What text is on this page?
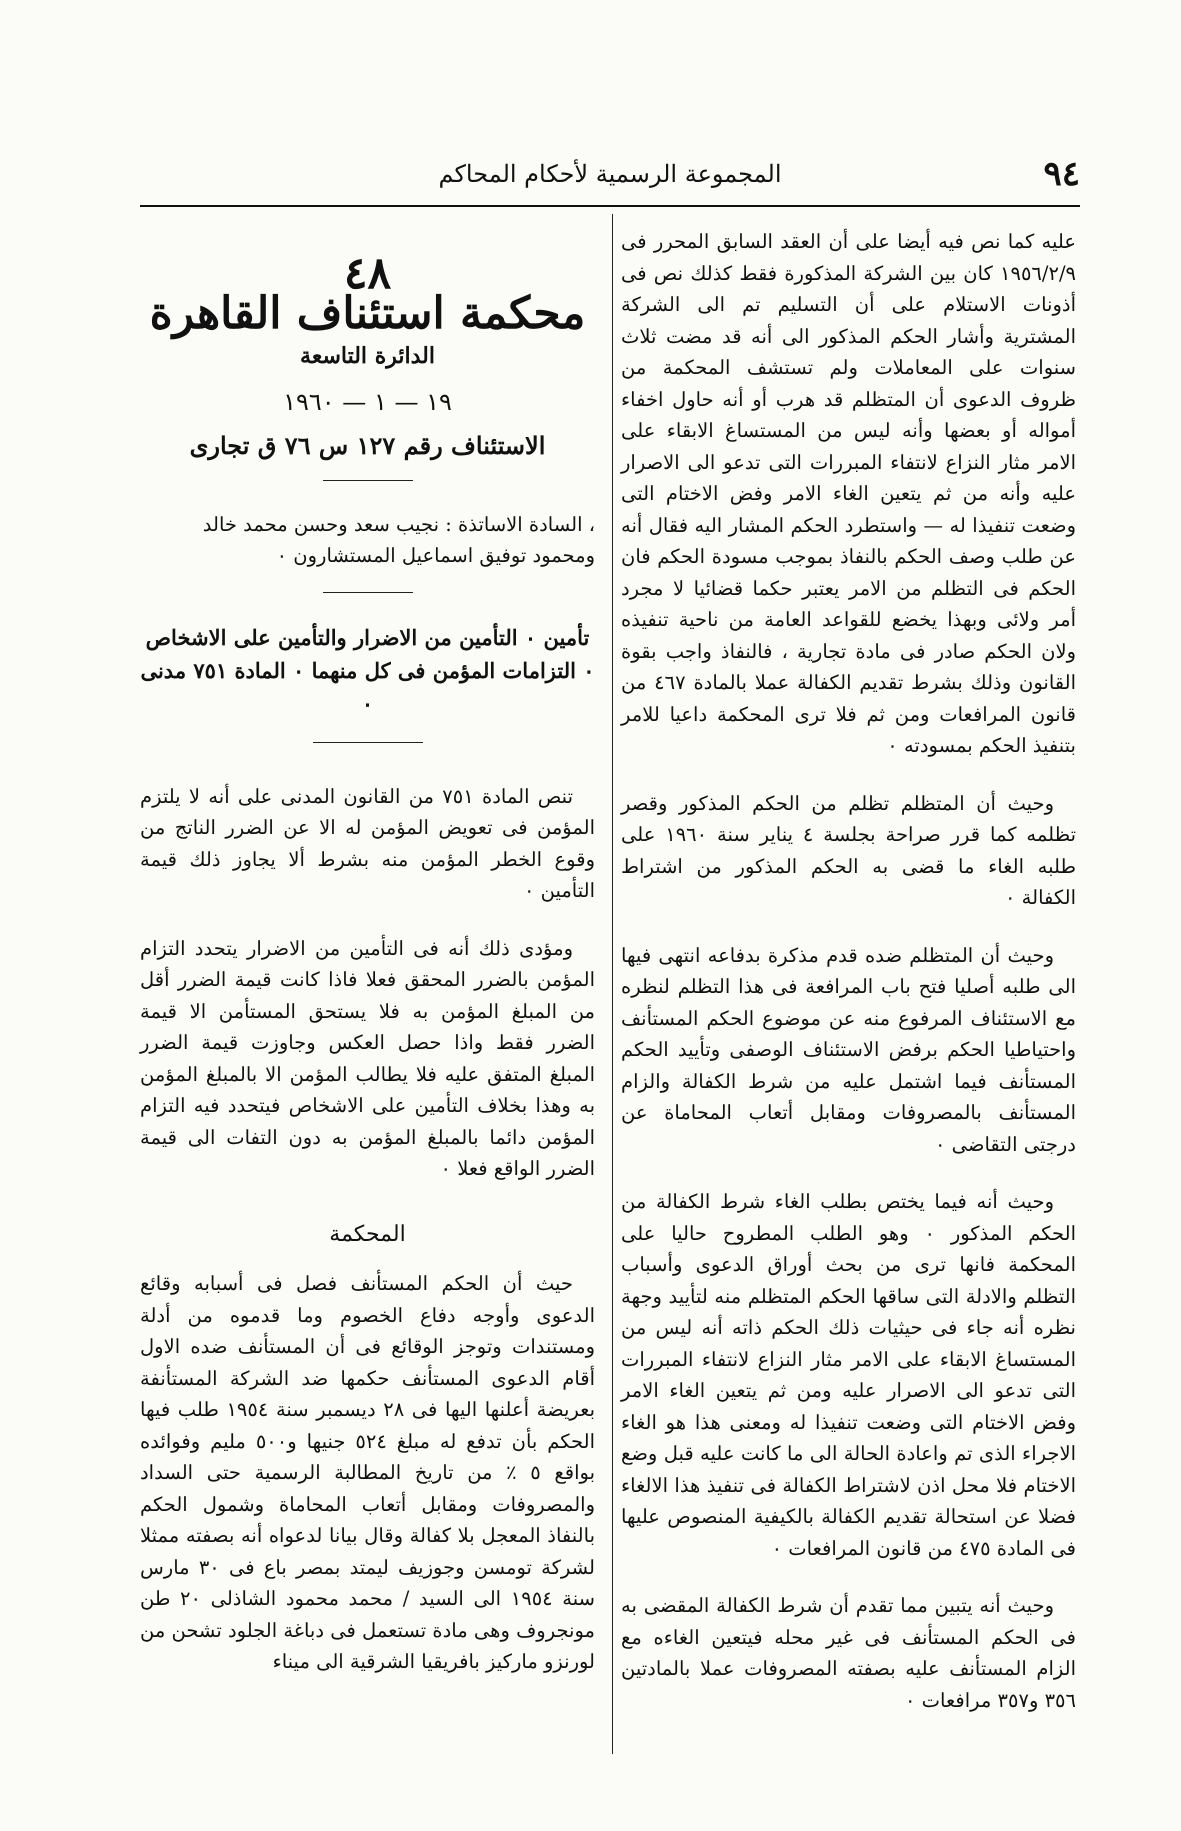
٩٤
المجموعة الرسمية لأحكام المحاكم

عليه كما نص فيه أيضا على أن العقد السابق المحرر فى ١٩٥٦/٢/٩ كان بين الشركة المذكورة فقط كذلك نص فى أذونات الاستلام على أن التسليم تم الى الشركة المشترية وأشار الحكم المذكور الى أنه قد مضت ثلاث سنوات على المعاملات ولم تستشف المحكمة من ظروف الدعوى أن المتظلم قد هرب أو أنه حاول اخفاء أمواله أو بعضها وأنه ليس من المستساغ الابقاء على الامر مثار النزاع لانتفاء المبررات التى تدعو الى الاصرار عليه وأنه من ثم يتعين الغاء الامر وفض الاختام التى وضعت تنفيذا له — واستطرد الحكم المشار اليه فقال أنه عن طلب وصف الحكم بالنفاذ بموجب مسودة الحكم فان الحكم فى التظلم من الامر يعتبر حكما قضائيا لا مجرد أمر ولائى وبهذا يخضع للقواعد العامة من ناحية تنفيذه ولان الحكم صادر فى مادة تجارية ، فالنفاذ واجب بقوة القانون وذلك بشرط تقديم الكفالة عملا بالمادة ٤٦٧ من قانون المرافعات ومن ثم فلا ترى المحكمة داعيا للامر بتنفيذ الحكم بمسودته ٠

وحيث أن المتظلم تظلم من الحكم المذكور وقصر تظلمه كما قرر صراحة بجلسة ٤ يناير سنة ١٩٦٠ على طلبه الغاء ما قضى به الحكم المذكور من اشتراط الكفالة ٠

وحيث أن المتظلم ضده قدم مذكرة بدفاعه انتهى فيها الى طلبه أصليا فتح باب المرافعة فى هذا التظلم لنظره مع الاستئناف المرفوع منه عن موضوع الحكم المستأنف واحتياطيا الحكم برفض الاستئناف الوصفى وتأييد الحكم المستأنف فيما اشتمل عليه من شرط الكفالة والزام المستأنف بالمصروفات ومقابل أتعاب المحاماة عن درجتى التقاضى ٠

وحيث أنه فيما يختص بطلب الغاء شرط الكفالة من الحكم المذكور ٠ وهو الطلب المطروح حاليا على المحكمة فانها ترى من بحث أوراق الدعوى وأسباب التظلم والادلة التى ساقها الحكم المتظلم منه لتأييد وجهة نظره أنه جاء فى حيثيات ذلك الحكم ذاته أنه ليس من المستساغ الابقاء على الامر مثار النزاع لانتفاء المبررات التى تدعو الى الاصرار عليه ومن ثم يتعين الغاء الامر وفض الاختام التى وضعت تنفيذا له ومعنى هذا هو الغاء الاجراء الذى تم واعادة الحالة الى ما كانت عليه قبل وضع الاختام فلا محل اذن لاشتراط الكفالة فى تنفيذ هذا الالغاء فضلا عن استحالة تقديم الكفالة بالكيفية المنصوص عليها فى المادة ٤٧٥ من قانون المرافعات ٠

وحيث أنه يتبين مما تقدم أن شرط الكفالة المقضى به فى الحكم المستأنف فى غير محله فيتعين الغاءه مع الزام المستأنف عليه بصفته المصروفات عملا بالمادتين ٣٥٦ و٣٥٧ مرافعات ٠

٤٨
محكمة استئناف القاهرة
الدائرة التاسعة
١٩ — ١ — ١٩٦٠
الاستئناف رقم ١٢٧ س ٧٦ ق تجارى
، السادة الاساتذة : نجيب سعد وحسن محمد خالد
ومحمود توفيق اسماعيل المستشارون ٠
تأمين ٠ التأمين من الاضرار والتأمين على الاشخاص ٠ التزامات المؤمن فى كل منهما ٠ المادة ٧٥١ مدنى ٠

تنص المادة ٧٥١ من القانون المدنى على أنه لا يلتزم المؤمن فى تعويض المؤمن له الا عن الضرر الناتج من وقوع الخطر المؤمن منه بشرط ألا يجاوز ذلك قيمة التأمين ٠

ومؤدى ذلك أنه فى التأمين من الاضرار يتحدد التزام المؤمن بالضرر المحقق فعلا فاذا كانت قيمة الضرر أقل من المبلغ المؤمن به فلا يستحق المستأمن الا قيمة الضرر فقط واذا حصل العكس وجاوزت قيمة الضرر المبلغ المتفق عليه فلا يطالب المؤمن الا بالمبلغ المؤمن به وهذا بخلاف التأمين على الاشخاص فيتحدد فيه التزام المؤمن دائما بالمبلغ المؤمن به دون التفات الى قيمة الضرر الواقع فعلا ٠

المحكمة

حيث أن الحكم المستأنف فصل فى أسبابه وقائع الدعوى وأوجه دفاع الخصوم وما قدموه من أدلة ومستندات وتوجز الوقائع فى أن المستأنف ضده الاول أقام الدعوى المستأنف حكمها ضد الشركة المستأنفة بعريضة أعلنها اليها فى ٢٨ ديسمبر سنة ١٩٥٤ طلب فيها الحكم بأن تدفع له مبلغ ٥٢٤ جنيها و٥٠٠ مليم وفوائده بواقع ٥ ٪ من تاريخ المطالبة الرسمية حتى السداد والمصروفات ومقابل أتعاب المحاماة وشمول الحكم بالنفاذ المعجل بلا كفالة وقال بيانا لدعواه أنه بصفته ممثلا لشركة تومسن وجوزيف ليمتد بمصر باع فى ٣٠ مارس سنة ١٩٥٤ الى السيد / محمد محمود الشاذلى ٢٠ طن مونجروف وهى مادة تستعمل فى دباغة الجلود تشحن من لورنزو ماركيز بافريقيا الشرقية الى ميناء
